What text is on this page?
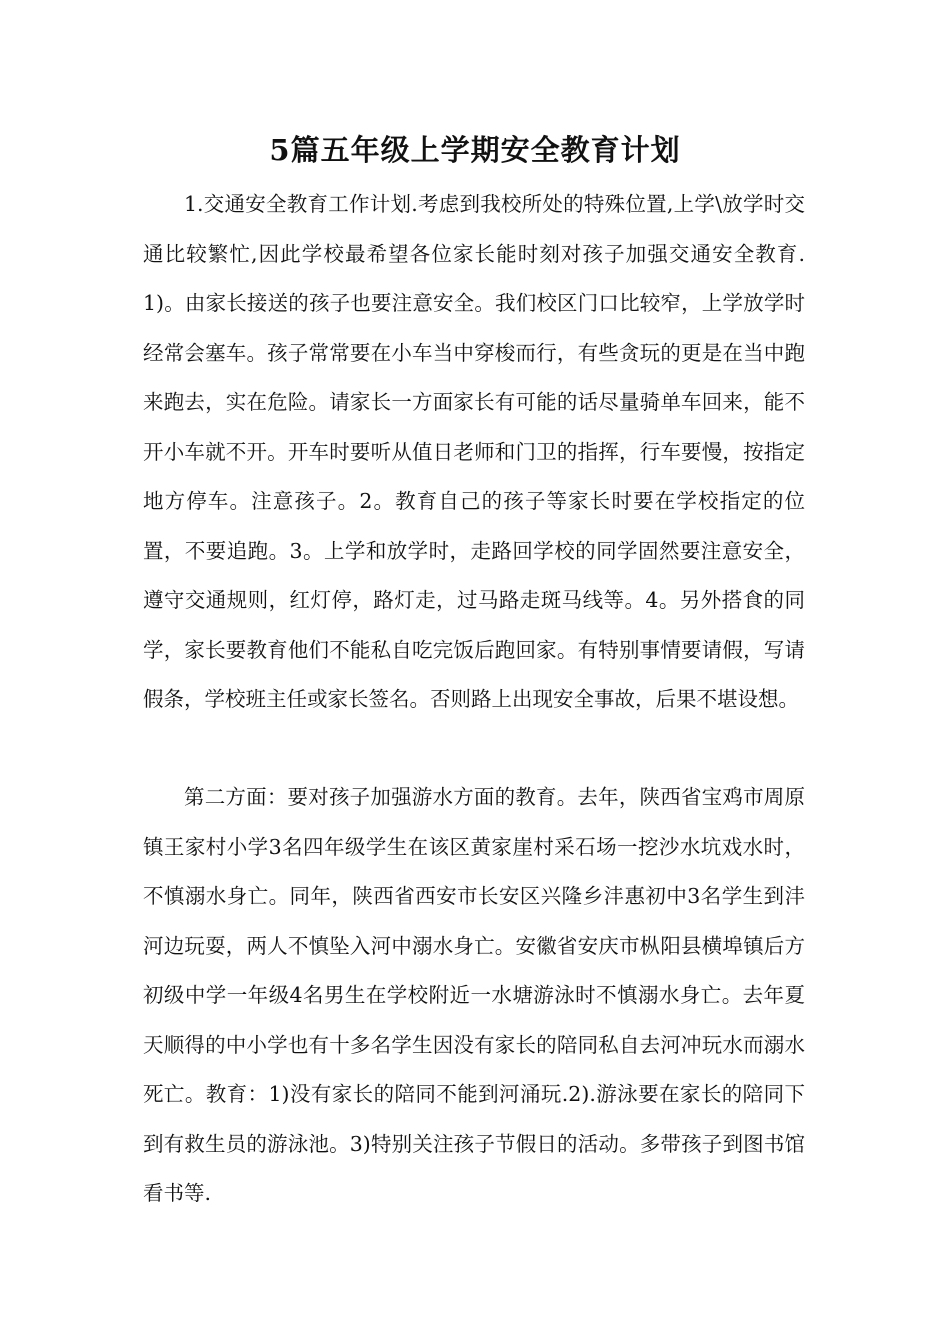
5篇五年级上学期安全教育计划

1.交通安全教育工作计划.考虑到我校所处的特殊位置,上学\放学时交通比较繁忙,因此学校最希望各位家长能时刻对孩子加强交通安全教育.1)。由家长接送的孩子也要注意安全。我们校区门口比较窄，上学放学时经常会塞车。孩子常常要在小车当中穿梭而行，有些贪玩的更是在当中跑来跑去，实在危险。请家长一方面家长有可能的话尽量骑单车回来，能不开小车就不开。开车时要听从值日老师和门卫的指挥，行车要慢，按指定地方停车。注意孩子。2。教育自己的孩子等家长时要在学校指定的位置，不要追跑。3。上学和放学时，走路回学校的同学固然要注意安全，遵守交通规则，红灯停，路灯走，过马路走斑马线等。4。另外搭食的同学，家长要教育他们不能私自吃完饭后跑回家。有特别事情要请假，写请假条，学校班主任或家长签名。否则路上出现安全事故，后果不堪设想。

第二方面：要对孩子加强游水方面的教育。去年，陕西省宝鸡市周原镇王家村小学3名四年级学生在该区黄家崖村采石场一挖沙水坑戏水时，不慎溺水身亡。同年，陕西省西安市长安区兴隆乡沣惠初中3名学生到沣河边玩耍，两人不慎坠入河中溺水身亡。安徽省安庆市枞阳县横埠镇后方初级中学一年级4名男生在学校附近一水塘游泳时不慎溺水身亡。去年夏天顺得的中小学也有十多名学生因没有家长的陪同私自去河冲玩水而溺水死亡。教育：1)没有家长的陪同不能到河涌玩.2).游泳要在家长的陪同下到有救生员的游泳池。3)特别关注孩子节假日的活动。多带孩子到图书馆看书等.
